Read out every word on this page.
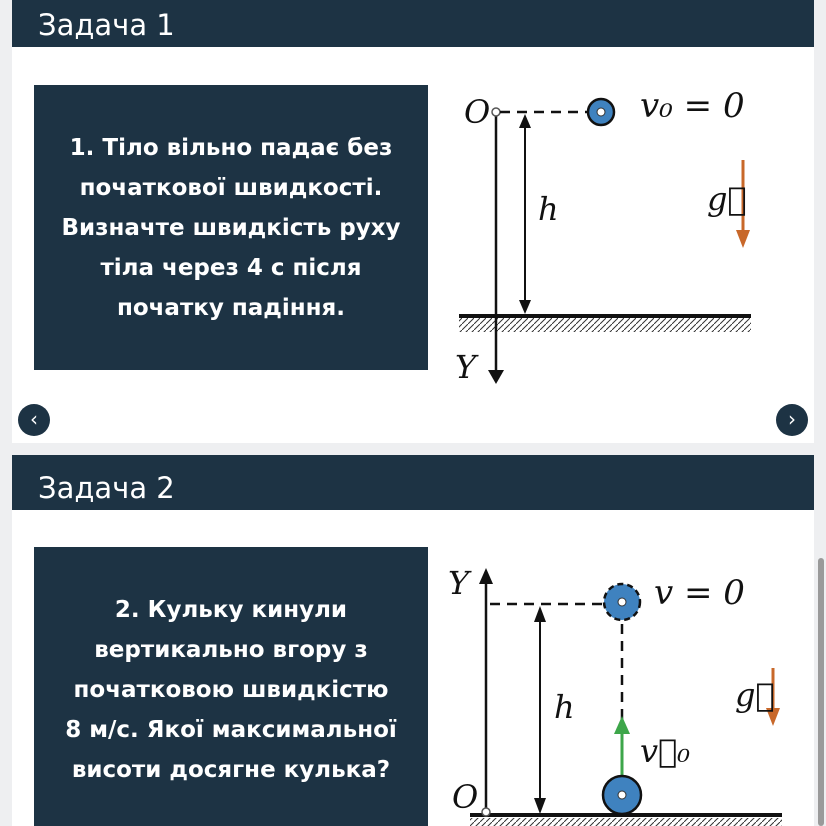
Задача 1
1. Тіло вільно падає без
початкової швидкості.
Визначте швидкість руху
тіла через 4 с після
початку падіння.
O
Y
h
v₀ = 0
g⃗
‹	›
Задача 2
2. Кульку кинули
вертикально вгору з
початковою швидкістю
8 м/с. Якої максимальної
висоти досягне кулька?
Y
O
h
v = 0
g⃗
v⃗₀
